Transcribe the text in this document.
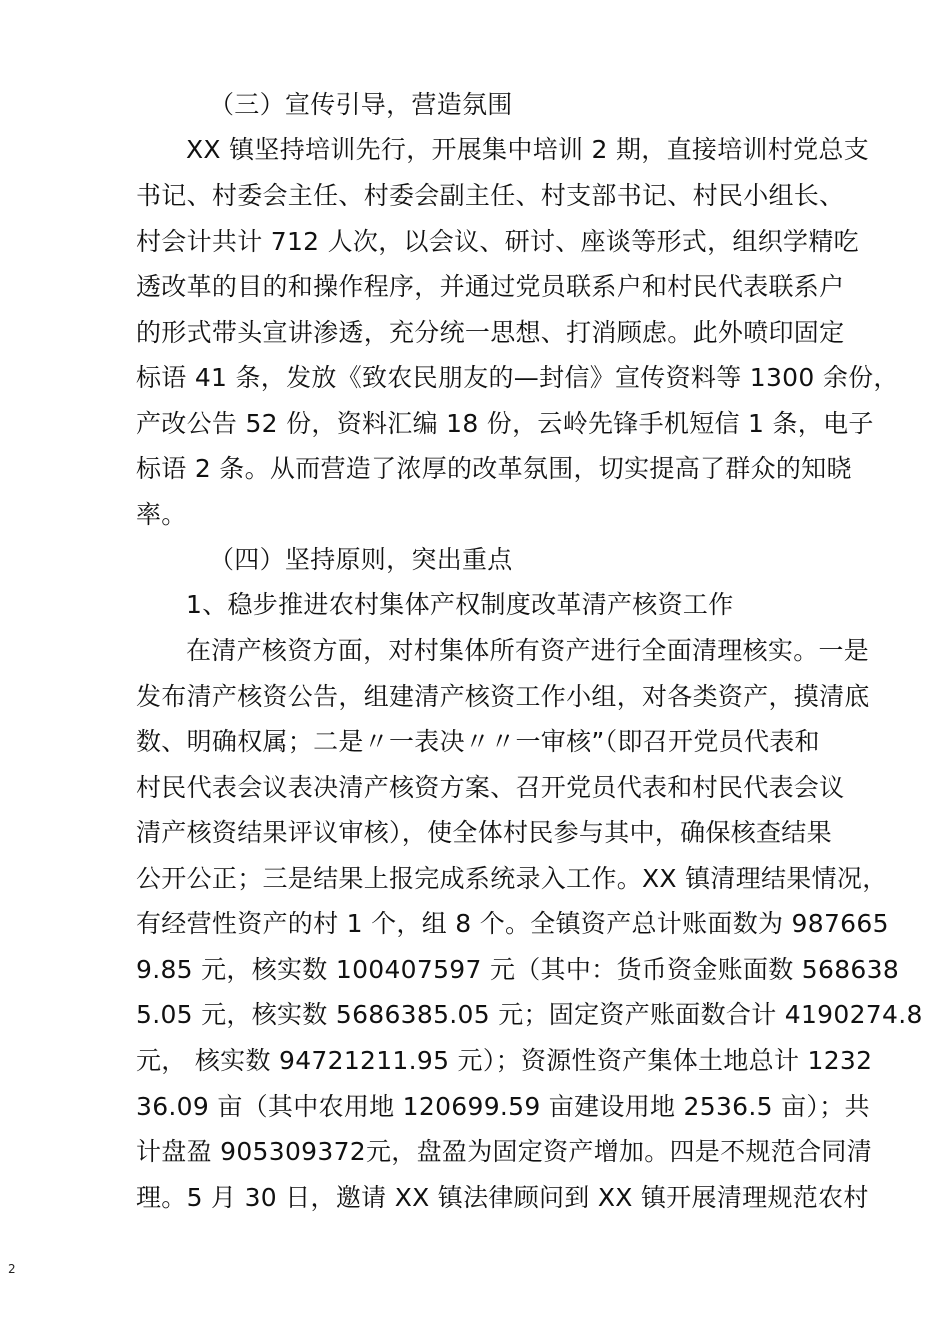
（三）宣传引导，营造氛围
XX 镇坚持培训先行，开展集中培训 2 期，直接培训村党总支
书记、村委会主任、村委会副主任、村支部书记、村民小组长、
村会计共计 712 人次，以会议、研讨、座谈等形式，组织学精吃
透改革的目的和操作程序，并通过党员联系户和村民代表联系户
的形式带头宣讲渗透，充分统一思想、打消顾虑。此外喷印固定
标语 41 条，发放《致农民朋友的—封信》宣传资料等 1300 余份，
产改公告 52 份，资料汇编 18 份，云岭先锋手机短信 1 条，电子
标语 2 条。从而营造了浓厚的改革氛围，切实提高了群众的知晓
率。
（四）坚持原则，突出重点
1、稳步推进农村集体产权制度改革清产核资工作
在清产核资方面，对村集体所有资产进行全面清理核实。一是
发布清产核资公告，组建清产核资工作小组，对各类资产，摸清底
数、明确权属；二是〃一表决〃〃一审核”（即召开党员代表和
村民代表会议表决清产核资方案、召开党员代表和村民代表会议
清产核资结果评议审核），使全体村民参与其中，确保核查结果
公开公正；三是结果上报完成系统录入工作。XX 镇清理结果情况，
有经营性资产的村 1 个，组 8 个。全镇资产总计账面数为 987665
9.85 元，核实数 100407597 元（其中：货币资金账面数 568638
5.05 元，核实数 5686385.05 元；固定资产账面数合计 4190274.8
元， 核实数 94721211.95 元）；资源性资产集体土地总计 1232
36.09 亩（其中农用地 120699.59 亩建设用地 2536.5 亩）；共
计盘盈 905309372元，盘盈为固定资产增加。四是不规范合同清
理。5 月 30 日，邀请 XX 镇法律顾问到 XX 镇开展清理规范农村
2
